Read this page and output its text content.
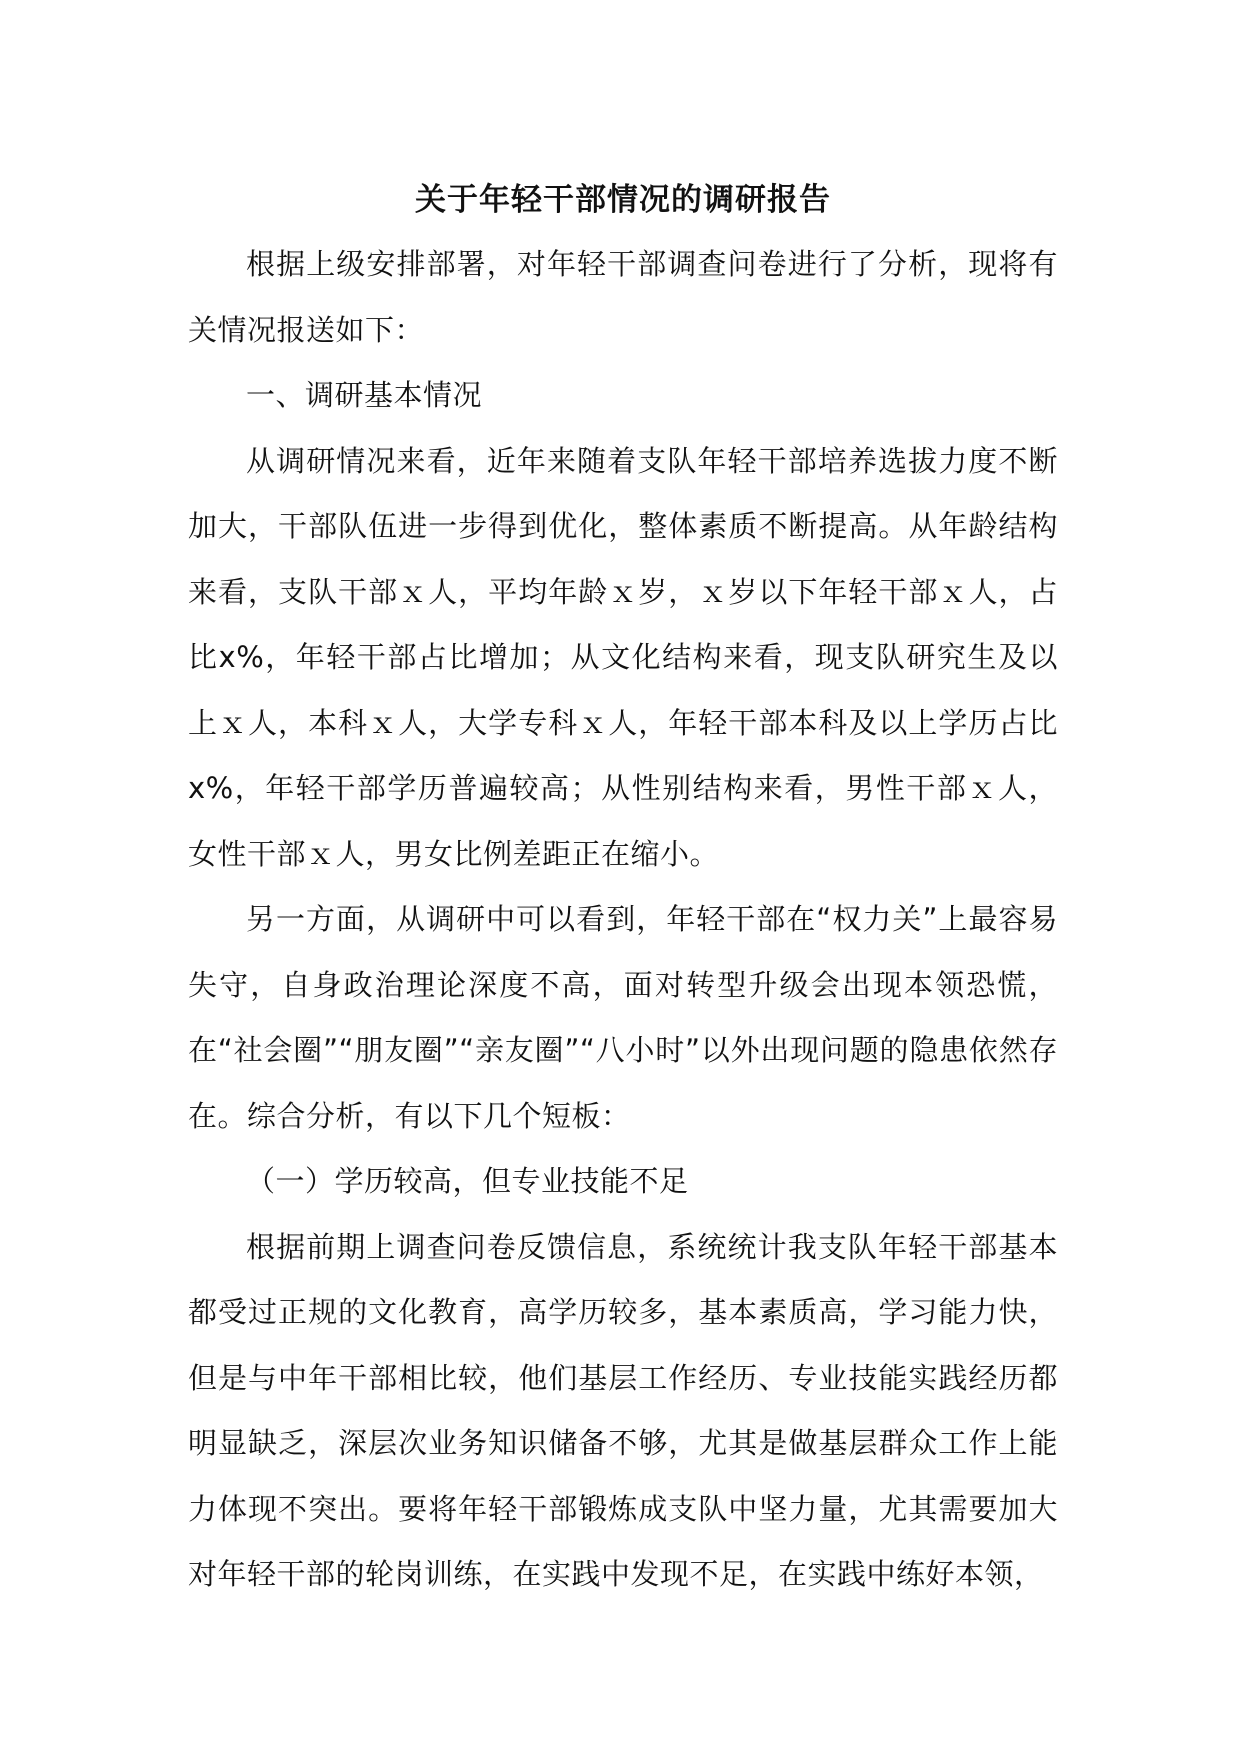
关于年轻干部情况的调研报告

根据上级安排部署，对年轻干部调查问卷进行了分析，现将有关情况报送如下：

一、调研基本情况

从调研情况来看，近年来随着支队年轻干部培养选拔力度不断加大，干部队伍进一步得到优化，整体素质不断提高。从年龄结构来看，支队干部ｘ人，平均年龄ｘ岁，ｘ岁以下年轻干部ｘ人，占比x%，年轻干部占比增加；从文化结构来看，现支队研究生及以上ｘ人，本科ｘ人，大学专科ｘ人，年轻干部本科及以上学历占比 x%，年轻干部学历普遍较高；从性别结构来看，男性干部ｘ人，女性干部ｘ人，男女比例差距正在缩小。

另一方面，从调研中可以看到，年轻干部在“权力关”上最容易失守，自身政治理论深度不高，面对转型升级会出现本领恐慌，在“社会圈”“朋友圈”“亲友圈”“八小时”以外出现问题的隐患依然存在。综合分析，有以下几个短板：

（一）学历较高，但专业技能不足

根据前期上调查问卷反馈信息，系统统计我支队年轻干部基本都受过正规的文化教育，高学历较多，基本素质高，学习能力快，但是与中年干部相比较，他们基层工作经历、专业技能实践经历都明显缺乏，深层次业务知识储备不够，尤其是做基层群众工作上能力体现不突出。要将年轻干部锻炼成支队中坚力量，尤其需要加大对年轻干部的轮岗训练，在实践中发现不足，在实践中练好本领，
